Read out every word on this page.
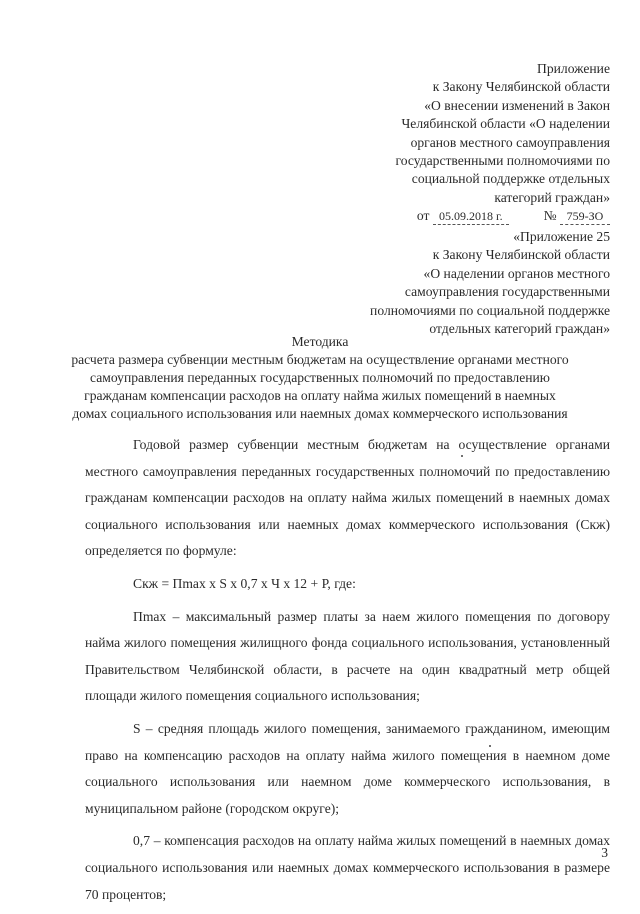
Приложение
к Закону Челябинской области
«О внесении изменений в Закон
Челябинской области «О наделении
органов местного самоуправления
государственными полномочиями по
социальной поддержке отдельных
категорий граждан»
от 05.09.2018 г.	№ 759-ЗО
«Приложение 25
к Закону Челябинской области
«О наделении органов местного
самоуправления государственными
полномочиями по социальной поддержке
отдельных категорий граждан»
Методика
расчета размера субвенции местным бюджетам на осуществление органами местного
самоуправления переданных государственных полномочий по предоставлению
гражданам компенсации расходов на оплату найма жилых помещений в наемных
домах социального использования или наемных домах коммерческого использования

Годовой размер субвенции местным бюджетам на осуществление органами местного самоуправления переданных государственных полномочий по предоставлению гражданам компенсации расходов на оплату найма жилых помещений в наемных домах социального использования или наемных домах коммерческого использования (Скж) определяется по формуле:

Скж = Пmax x S x 0,7 x Ч x 12 + Р, где:

Пmax – максимальный размер платы за наем жилого помещения по договору найма жилого помещения жилищного фонда социального использования, установленный Правительством Челябинской области, в расчете на один квадратный метр общей площади жилого помещения социального использования;

S – средняя площадь жилого помещения, занимаемого гражданином, имеющим право на компенсацию расходов на оплату найма жилого помещения в наемном доме социального использования или наемном доме коммерческого использования, в муниципальном районе (городском округе);

0,7 – компенсация расходов на оплату найма жилых помещений в наемных домах социального использования или наемных домах коммерческого использования в размере 70 процентов;

3
